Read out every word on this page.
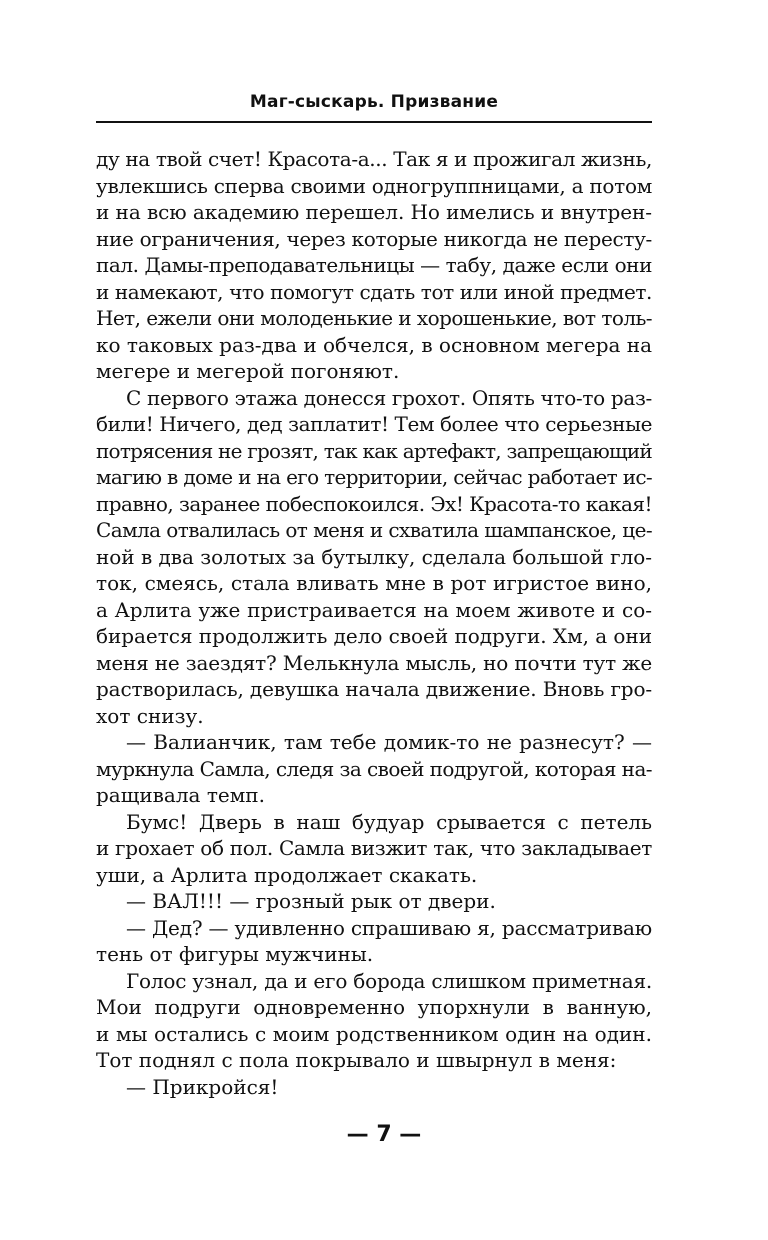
Маг-сыскарь. Призвание
ду на твой счет! Красота-а... Так я и прожигал жизнь,
увлекшись сперва своими одногруппницами, а потом
и на всю академию перешел. Но имелись и внутрен-
ние ограничения, через которые никогда не пересту-
пал. Дамы-преподавательницы — табу, даже если они
и намекают, что помогут сдать тот или иной предмет.
Нет, ежели они молоденькие и хорошенькие, вот толь-
ко таковых раз-два и обчелся, в основном мегера на
мегере и мегерой погоняют.
С первого этажа донесся грохот. Опять что-то раз-
били! Ничего, дед заплатит! Тем более что серьезные
потрясения не грозят, так как артефакт, запрещающий
магию в доме и на его территории, сейчас работает ис-
правно, заранее побеспокоился. Эх! Красота-то какая!
Самла отвалилась от меня и схватила шампанское, це-
ной в два золотых за бутылку, сделала большой гло-
ток, смеясь, стала вливать мне в рот игристое вино,
а Арлита уже пристраивается на моем животе и со-
бирается продолжить дело своей подруги. Хм, а они
меня не заездят? Мелькнула мысль, но почти тут же
растворилась, девушка начала движение. Вновь гро-
хот снизу.
— Валианчик, там тебе домик-то не разнесут? —
муркнула Самла, следя за своей подругой, которая на-
ращивала темп.
Бумс! Дверь в наш будуар срывается с петель
и грохает об пол. Самла визжит так, что закладывает
уши, а Арлита продолжает скакать.
— ВАЛ!!! — грозный рык от двери.
— Дед? — удивленно спрашиваю я, рассматриваю
тень от фигуры мужчины.
Голос узнал, да и его борода слишком приметная.
Мои подруги одновременно упорхнули в ванную,
и мы остались с моим родственником один на один.
Тот поднял с пола покрывало и швырнул в меня:
— Прикройся!
— 7 —
